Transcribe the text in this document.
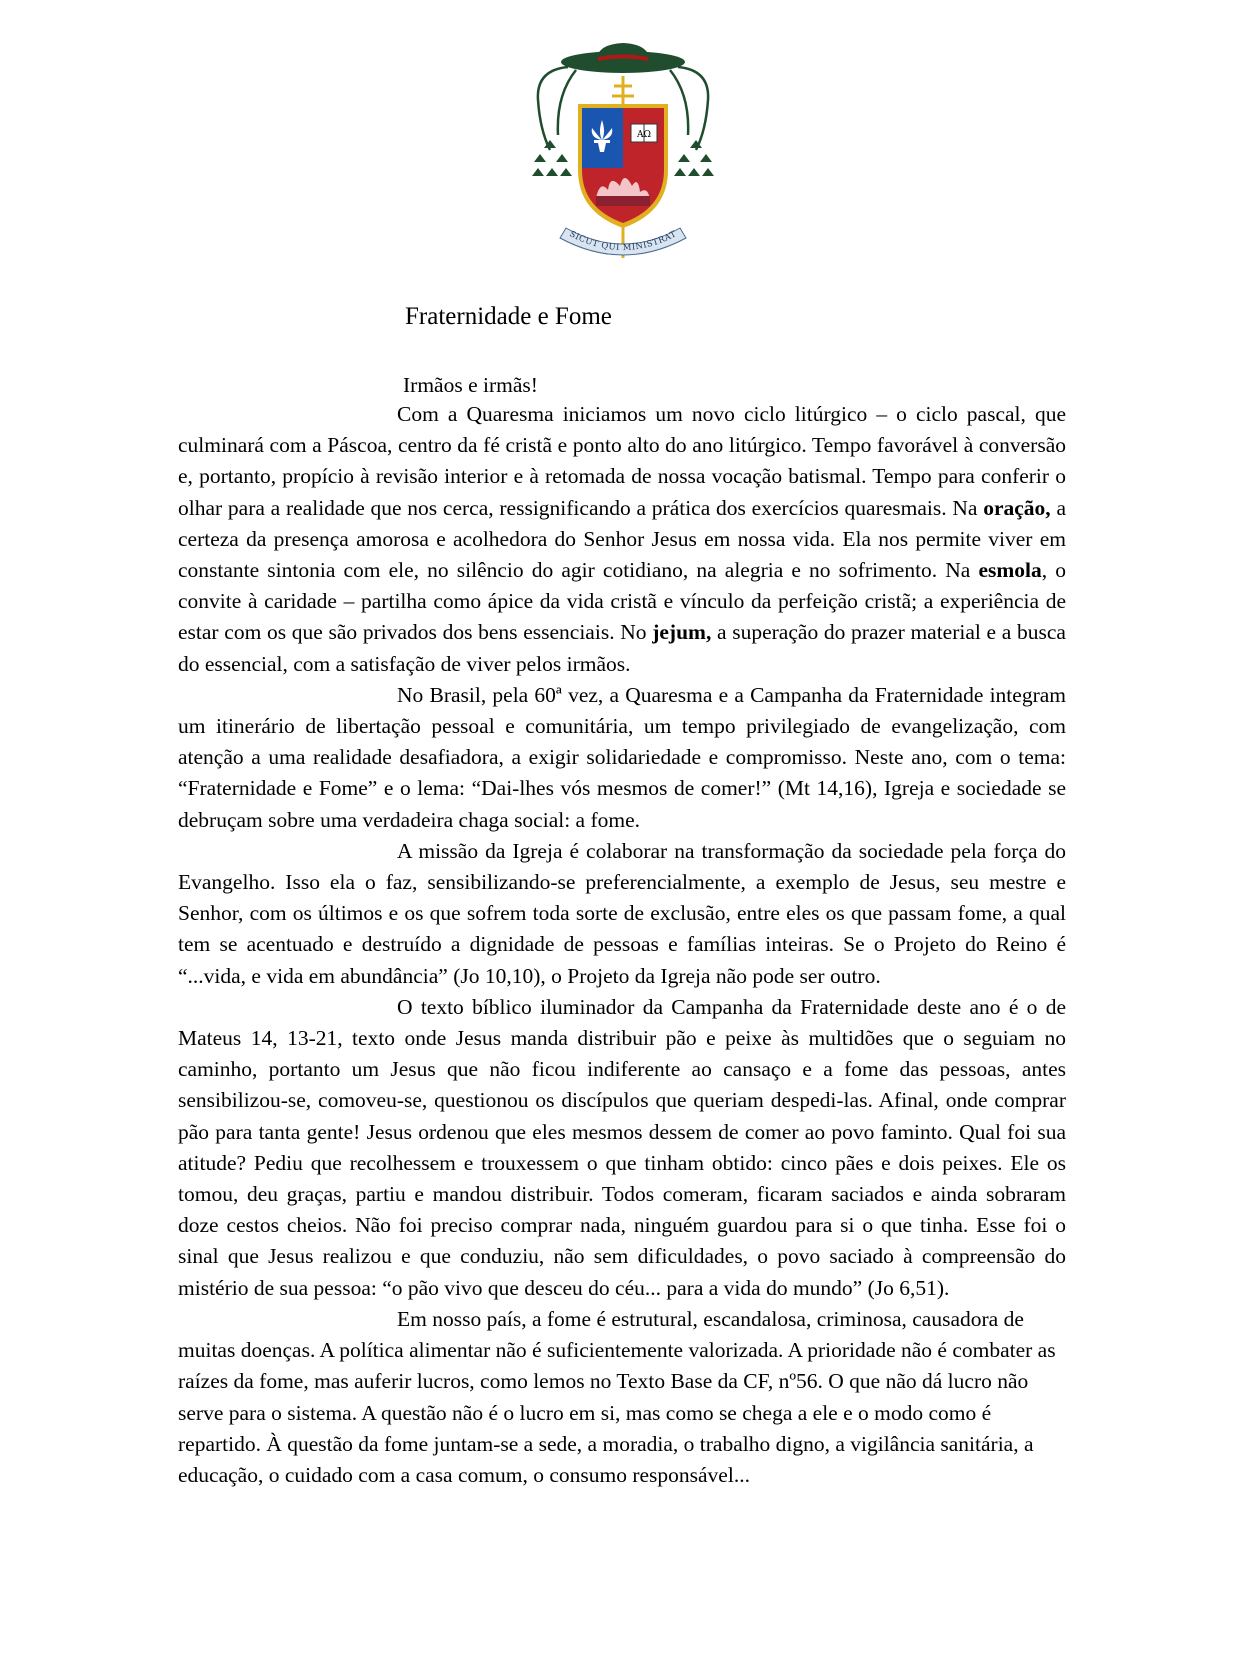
AΩ
SICUT QUI MINISTRAT
Fraternidade e Fome
Irmãos e irmãs!

Com a Quaresma iniciamos um novo ciclo litúrgico – o ciclo pascal, que culminará com a Páscoa, centro da fé cristã e ponto alto do ano litúrgico. Tempo favorável à conversão e, portanto, propício à revisão interior e à retomada de nossa vocação batismal. Tempo para conferir o olhar para a realidade que nos cerca, ressignificando a prática dos exercícios quaresmais. Na oração, a certeza da presença amorosa e acolhedora do Senhor Jesus em nossa vida. Ela nos permite viver em constante sintonia com ele, no silêncio do agir cotidiano, na alegria e no sofrimento. Na esmola, o convite à caridade – partilha como ápice da vida cristã e vínculo da perfeição cristã; a experiência de estar com os que são privados dos bens essenciais. No jejum, a superação do prazer material e a busca do essencial, com a satisfação de viver pelos irmãos.

No Brasil, pela 60ª vez, a Quaresma e a Campanha da Fraternidade integram um itinerário de libertação pessoal e comunitária, um tempo privilegiado de evangelização, com atenção a uma realidade desafiadora, a exigir solidariedade e compromisso. Neste ano, com o tema: “Fraternidade e Fome” e o lema: “Dai-lhes vós mesmos de comer!” (Mt 14,16), Igreja e sociedade se debruçam sobre uma verdadeira chaga social: a fome.

A missão da Igreja é colaborar na transformação da sociedade pela força do Evangelho. Isso ela o faz, sensibilizando-se preferencialmente, a exemplo de Jesus, seu mestre e Senhor, com os últimos e os que sofrem toda sorte de exclusão, entre eles os que passam fome, a qual tem se acentuado e destruído a dignidade de pessoas e famílias inteiras. Se o Projeto do Reino é “...vida, e vida em abundância” (Jo 10,10), o Projeto da Igreja não pode ser outro.

O texto bíblico iluminador da Campanha da Fraternidade deste ano é o de Mateus 14, 13-21, texto onde Jesus manda distribuir pão e peixe às multidões que o seguiam no caminho, portanto um Jesus que não ficou indiferente ao cansaço e a fome das pessoas, antes sensibilizou-se, comoveu-se, questionou os discípulos que queriam despedi-las. Afinal, onde comprar pão para tanta gente! Jesus ordenou que eles mesmos dessem de comer ao povo faminto. Qual foi sua atitude? Pediu que recolhessem e trouxessem o que tinham obtido: cinco pães e dois peixes. Ele os tomou, deu graças, partiu e mandou distribuir. Todos comeram, ficaram saciados e ainda sobraram doze cestos cheios. Não foi preciso comprar nada, ninguém guardou para si o que tinha. Esse foi o sinal que Jesus realizou e que conduziu, não sem dificuldades, o povo saciado à compreensão do mistério de sua pessoa: “o pão vivo que desceu do céu... para a vida do mundo” (Jo 6,51).

Em nosso país, a fome é estrutural, escandalosa, criminosa, causadora de muitas doenças. A política alimentar não é suficientemente valorizada. A prioridade não é combater as raízes da fome, mas auferir lucros, como lemos no Texto Base da CF, nº56. O que não dá lucro não serve para o sistema. A questão não é o lucro em si, mas como se chega a ele e o modo como é repartido. À questão da fome juntam-se a sede, a moradia, o trabalho digno, a vigilância sanitária, a educação, o cuidado com a casa comum, o consumo responsável...
